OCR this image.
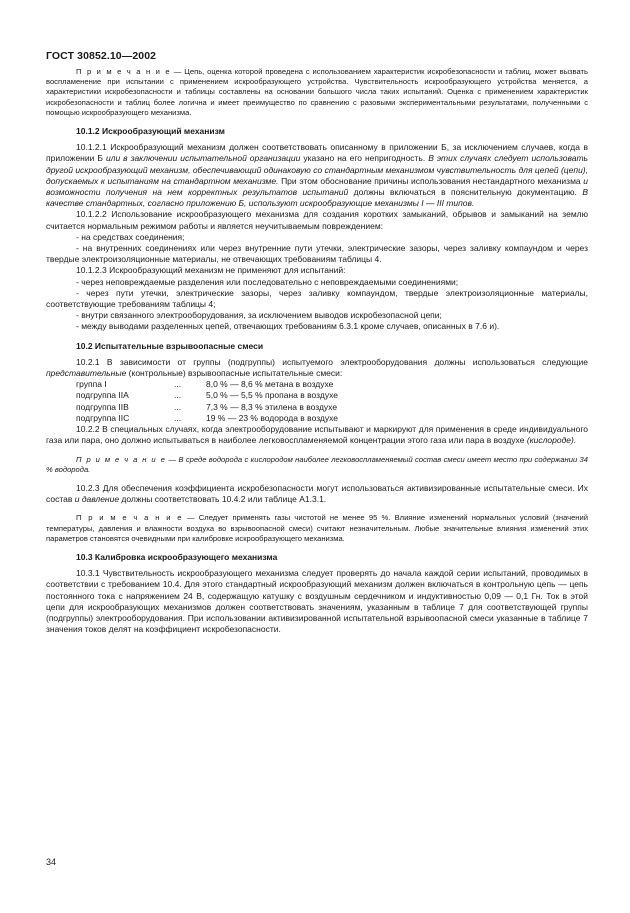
ГОСТ 30852.10—2002

П р и м е ч а н и е — Цепь, оценка которой проведена с использованием характеристик искробезопасности и таблиц, может вызвать воспламенение при испытании с применением искрообразующего устройства. Чувствительность искрообразующего устройства меняется, а характеристики искробезопасности и таблицы составлены на основании большого числа таких испытаний. Оценка с применением характеристик искробезопасности и таблиц более логична и имеет преимущество по сравнению с разовыми экспериментальными результатами, полученными с помощью искрообразующего механизма.

10.1.2 Искрообразующий механизм

10.1.2.1 Искрообразующий механизм должен соответствовать описанному в приложении Б, за исключением случаев, когда в приложении Б или в заключении испытательной организации указано на его непригодность. В этих случаях следует использовать другой искрообразующий механизм, обеспечивающий одинаковую со стандартным механизмом чувствительность для цепей (цепи), допускаемых к испытаниям на стандартном механизме. При этом обоснование причины использования нестандартного механизма и возможности получения на нем корректных результатов испытаний должны включаться в пояснительную документацию. В качестве стандартных, согласно приложению Б, используют искрообразующие механизмы I — III типов.

10.1.2.2 Использование искрообразующего механизма для создания коротких замыканий, обрывов и замыканий на землю считается нормальным режимом работы и является неучитываемым повреждением:

- на средствах соединения;

- на внутренних соединениях или через внутренние пути утечки, электрические зазоры, через заливку компаундом и через твердые электроизоляционные материалы, не отвечающих требованиям таблицы 4.

10.1.2.3 Искрообразующий механизм не применяют для испытаний:

- через неповреждаемые разделения или последовательно с неповреждаемыми соединениями;

- через пути утечки, электрические зазоры, через заливку компаундом, твердые электроизоляционные материалы, соответствующие требованиям таблицы 4;

- внутри связанного электрооборудования, за исключением выводов искробезопасной цепи;

- между выводами разделенных цепей, отвечающих требованиям 6.3.1 кроме случаев, описанных в 7.6 и).

10.2 Испытательные взрывоопасные смеси

10.2.1 В зависимости от группы (подгруппы) испытуемого электрооборудования должны использоваться следующие представительные (контрольные) взрывоопасные испытательные смеси:

группа I	...	8,0 % — 8,6 % метана в воздухе
подгруппа IIA	...	5,0 % — 5,5 % пропана в воздухе
подгруппа IIB	...	7,3 % — 8,3 % этилена в воздухе
подгруппа IIC	...	19 % — 23 % водорода в воздухе

10.2.2 В специальных случаях, когда электрооборудование испытывают и маркируют для применения в среде индивидуального газа или пара, оно должно испытываться в наиболее легковоспламеняемой концентрации этого газа или пара в воздухе (кислороде).

П р и м е ч а н и е — В среде водорода с кислородом наиболее легковоспламеняемый состав смеси имеет место при содержании 34 % водорода.

10.2.3 Для обеспечения коэффициента искробезопасности могут использоваться активизированные испытательные смеси. Их состав и давление должны соответствовать 10.4.2 или таблице А1.3.1.

П р и м е ч а н и е — Следует применять газы чистотой не менее 95 %. Влияние изменений нормальных условий (значений температуры, давления и влажности воздуха во взрывоопасной смеси) считают незначительным. Любые значительные влияния изменений этих параметров становятся очевидными при калибровке искрообразующего механизма.

10.3 Калибровка искрообразующего механизма

10.3.1 Чувствительность искрообразующего механизма следует проверять до начала каждой серии испытаний, проводимых в соответствии с требованием 10.4. Для этого стандартный искрообразующий механизм должен включаться в контрольную цепь — цепь постоянного тока с напряжением 24 В, содержащую катушку с воздушным сердечником и индуктивностью 0,09 — 0,1 Гн. Ток в этой цепи для искрообразующих механизмов должен соответствовать значениям, указанным в таблице 7 для соответствующей группы (подгруппы) электрооборудования. При использовании активизированной испытательной взрывоопасной смеси указанные в таблице 7 значения токов делят на коэффициент искробезопасности.

34
